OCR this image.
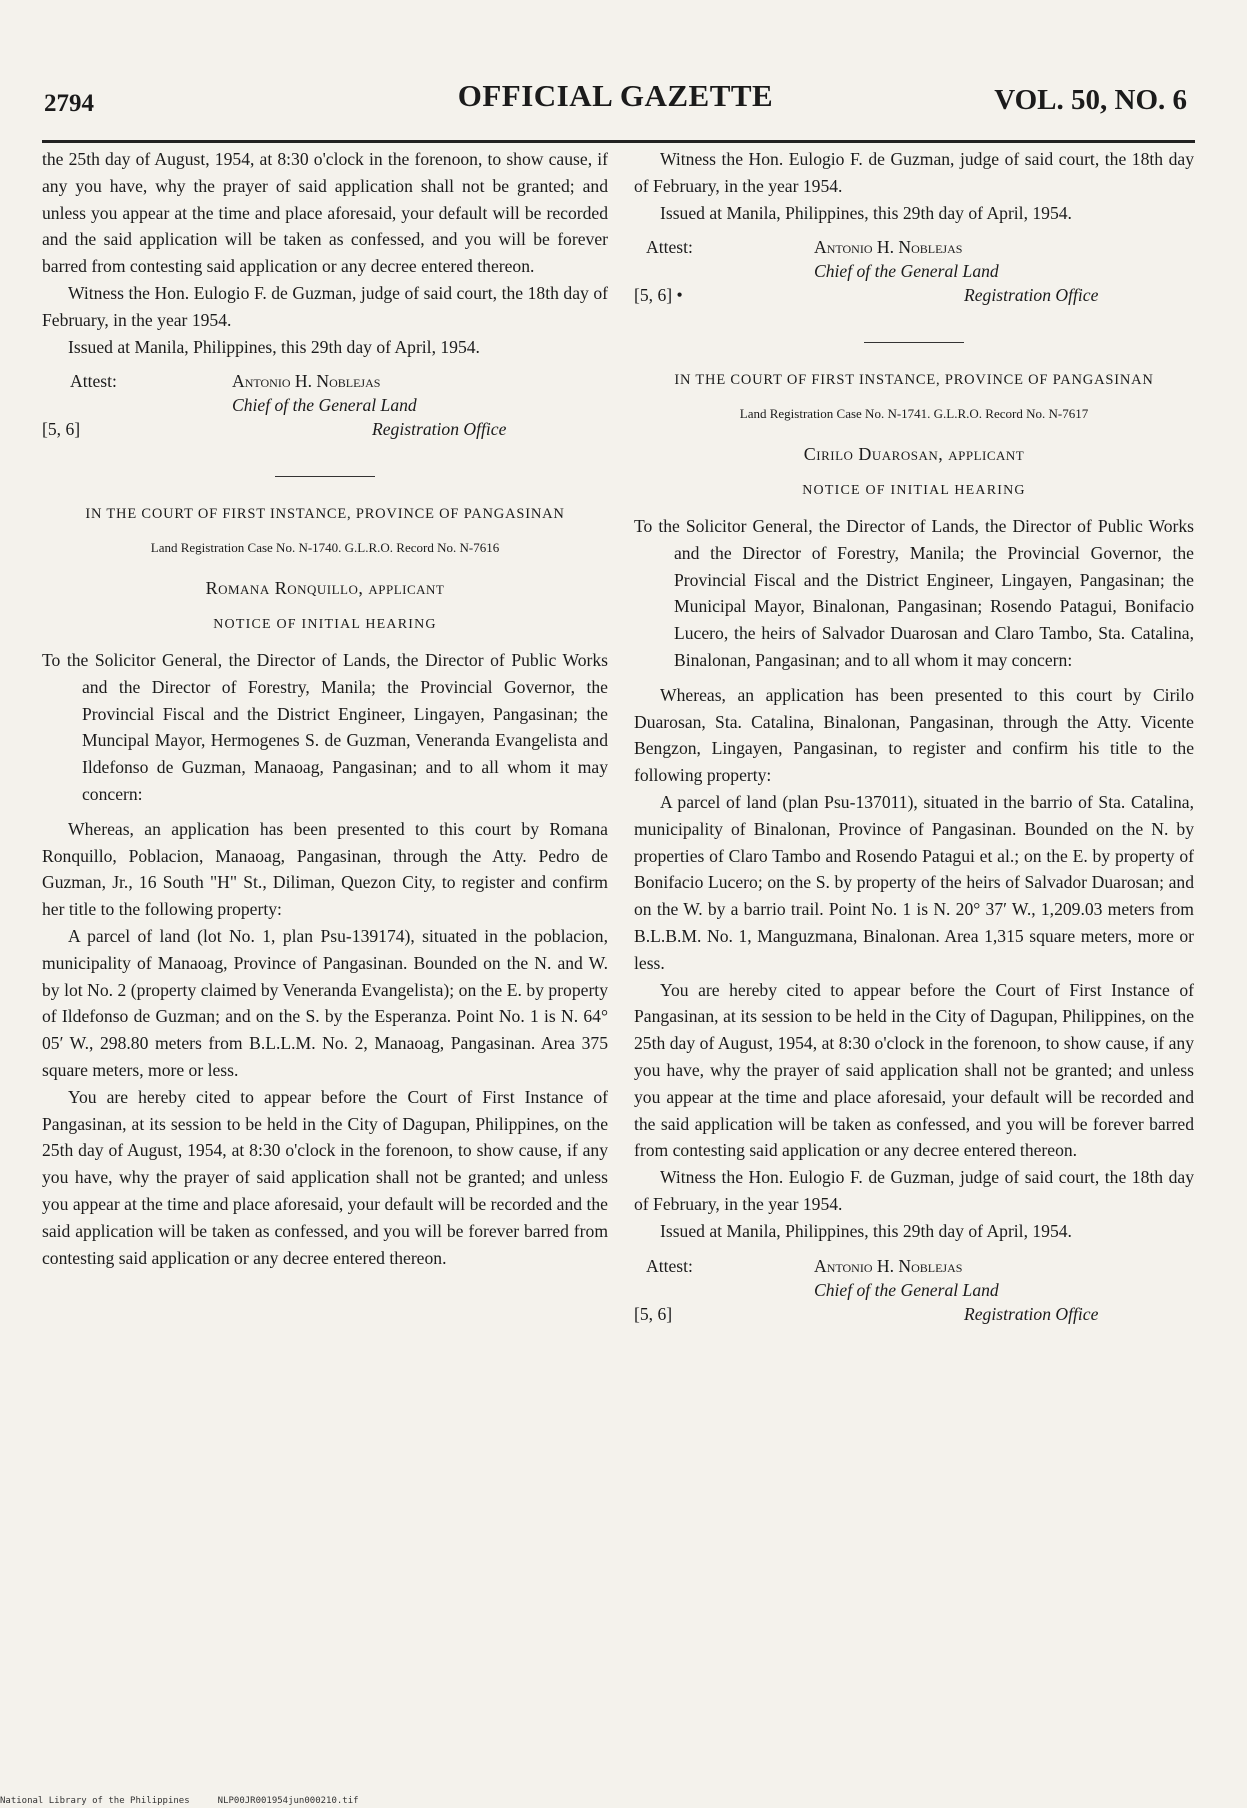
2794	OFFICIAL GAZETTE	VOL. 50, NO. 6

the 25th day of August, 1954, at 8:30 o'clock in the forenoon, to show cause, if any you have, why the prayer of said application shall not be granted; and unless you appear at the time and place aforesaid, your default will be recorded and the said application will be taken as confessed, and you will be forever barred from contesting said application or any decree entered thereon.

Witness the Hon. Eulogio F. de Guzman, judge of said court, the 18th day of February, in the year 1954.

Issued at Manila, Philippines, this 29th day of April, 1954.

Attest:	Antonio H. Noblejas
Chief of the General Land
Registration Office
[5, 6]
IN THE COURT OF FIRST INSTANCE, PROVINCE OF PANGASINAN
Land Registration Case No. N-1740. G.L.R.O. Record No. N-7616
Romana Ronquillo, applicant
NOTICE OF INITIAL HEARING

To the Solicitor General, the Director of Lands, the Director of Public Works and the Director of Forestry, Manila; the Provincial Governor, the Provincial Fiscal and the District Engineer, Lingayen, Pangasinan; the Muncipal Mayor, Hermogenes S. de Guzman, Veneranda Evangelista and Ildefonso de Guzman, Manaoag, Pangasinan; and to all whom it may concern:

Whereas, an application has been presented to this court by Romana Ronquillo, Poblacion, Manaoag, Pangasinan, through the Atty. Pedro de Guzman, Jr., 16 South "H" St., Diliman, Quezon City, to register and confirm her title to the following property:

A parcel of land (lot No. 1, plan Psu-139174), situated in the poblacion, municipality of Manaoag, Province of Pangasinan. Bounded on the N. and W. by lot No. 2 (property claimed by Veneranda Evangelista); on the E. by property of Ildefonso de Guzman; and on the S. by the Esperanza. Point No. 1 is N. 64° 05′ W., 298.80 meters from B.L.L.M. No. 2, Manaoag, Pangasinan. Area 375 square meters, more or less.

You are hereby cited to appear before the Court of First Instance of Pangasinan, at its session to be held in the City of Dagupan, Philippines, on the 25th day of August, 1954, at 8:30 o'clock in the forenoon, to show cause, if any you have, why the prayer of said application shall not be granted; and unless you appear at the time and place aforesaid, your default will be recorded and the said application will be taken as confessed, and you will be forever barred from contesting said application or any decree entered thereon.

Witness the Hon. Eulogio F. de Guzman, judge of said court, the 18th day of February, in the year 1954.

Issued at Manila, Philippines, this 29th day of April, 1954.

Attest:	Antonio H. Noblejas
Chief of the General Land
Registration Office
[5, 6] •
IN THE COURT OF FIRST INSTANCE, PROVINCE OF PANGASINAN
Land Registration Case No. N-1741. G.L.R.O. Record No. N-7617
Cirilo Duarosan, applicant
NOTICE OF INITIAL HEARING

To the Solicitor General, the Director of Lands, the Director of Public Works and the Director of Forestry, Manila; the Provincial Governor, the Provincial Fiscal and the District Engineer, Lingayen, Pangasinan; the Municipal Mayor, Binalonan, Pangasinan; Rosendo Patagui, Bonifacio Lucero, the heirs of Salvador Duarosan and Claro Tambo, Sta. Catalina, Binalonan, Pangasinan; and to all whom it may concern:

Whereas, an application has been presented to this court by Cirilo Duarosan, Sta. Catalina, Binalonan, Pangasinan, through the Atty. Vicente Bengzon, Lingayen, Pangasinan, to register and confirm his title to the following property:

A parcel of land (plan Psu-137011), situated in the barrio of Sta. Catalina, municipality of Binalonan, Province of Pangasinan. Bounded on the N. by properties of Claro Tambo and Rosendo Patagui et al.; on the E. by property of Bonifacio Lucero; on the S. by property of the heirs of Salvador Duarosan; and on the W. by a barrio trail. Point No. 1 is N. 20° 37′ W., 1,209.03 meters from B.L.B.M. No. 1, Manguzmana, Binalonan. Area 1,315 square meters, more or less.

You are hereby cited to appear before the Court of First Instance of Pangasinan, at its session to be held in the City of Dagupan, Philippines, on the 25th day of August, 1954, at 8:30 o'clock in the forenoon, to show cause, if any you have, why the prayer of said application shall not be granted; and unless you appear at the time and place aforesaid, your default will be recorded and the said application will be taken as confessed, and you will be forever barred from contesting said application or any decree entered thereon.

Witness the Hon. Eulogio F. de Guzman, judge of said court, the 18th day of February, in the year 1954.

Issued at Manila, Philippines, this 29th day of April, 1954.

Attest:	Antonio H. Noblejas
Chief of the General Land
Registration Office
[5, 6]
National Library of the Philippines	NLP00JR001954jun000210.tif
